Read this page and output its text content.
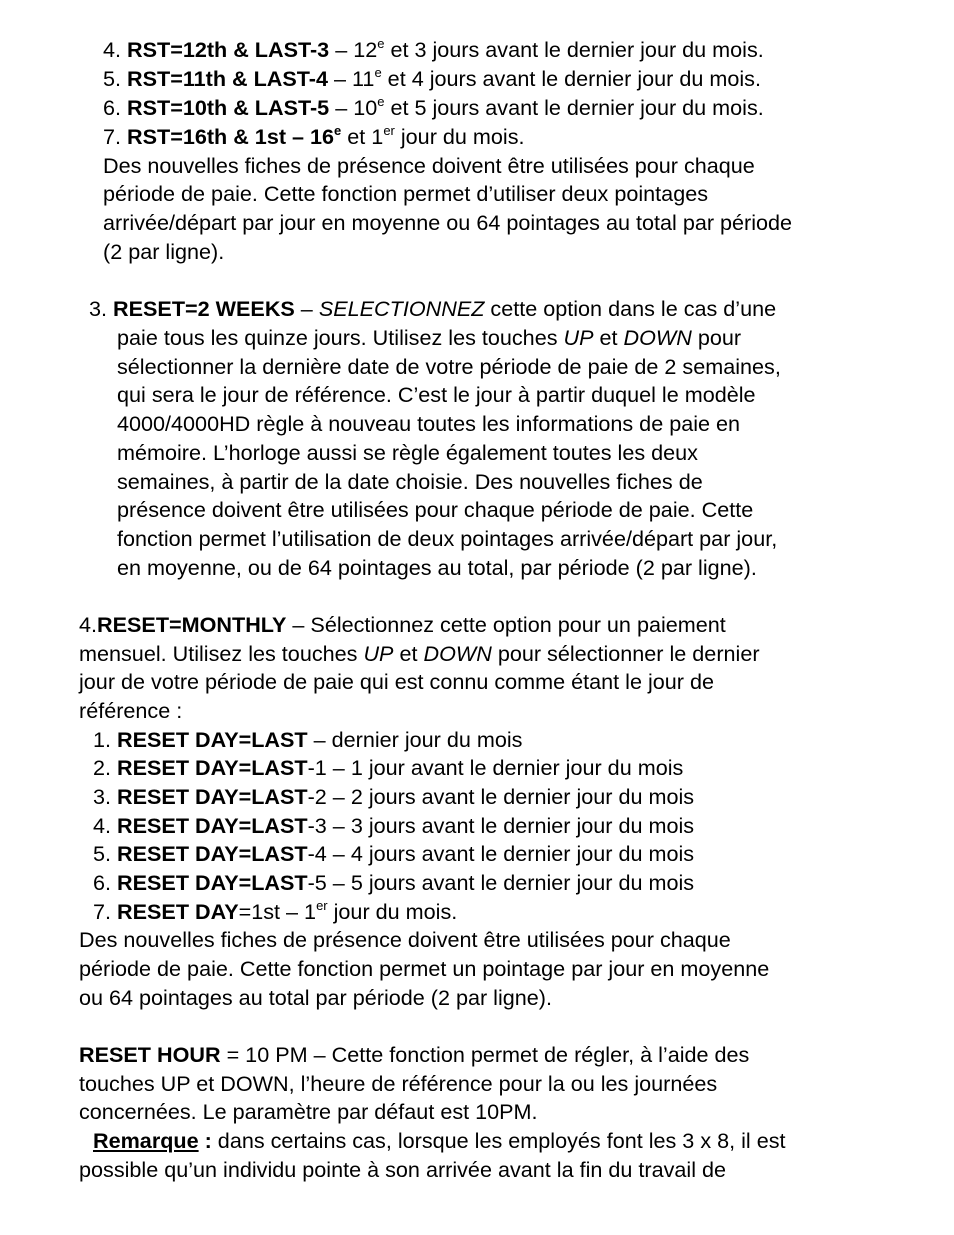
4. RST=12th & LAST-3 – 12e et 3 jours avant le dernier jour du mois.
5. RST=11th & LAST-4 – 11e et 4 jours avant le dernier jour du mois.
6. RST=10th & LAST-5 – 10e et 5 jours avant le dernier jour du mois.
7. RST=16th & 1st – 16e et 1er jour du mois.
Des nouvelles fiches de présence doivent être utilisées pour chaque
période de paie. Cette fonction permet d’utiliser deux pointages
arrivée/départ par jour en moyenne ou 64 pointages au total par période
(2 par ligne).
3. RESET=2 WEEKS – SELECTIONNEZ cette option dans le cas d’une
paie tous les quinze jours. Utilisez les touches UP et DOWN pour
sélectionner la dernière date de votre période de paie de 2 semaines,
qui sera le jour de référence. C’est le jour à partir duquel le modèle
4000/4000HD règle à nouveau toutes les informations de paie en
mémoire. L’horloge aussi se règle également toutes les deux
semaines, à partir de la date choisie. Des nouvelles fiches de
présence doivent être utilisées pour chaque période de paie. Cette
fonction permet l’utilisation de deux pointages arrivée/départ par jour,
en moyenne, ou de 64 pointages au total, par période (2 par ligne).
4.RESET=MONTHLY – Sélectionnez cette option pour un paiement
mensuel. Utilisez les touches UP et DOWN pour sélectionner le dernier
jour de votre période de paie qui est connu comme étant le jour de
référence :
1. RESET DAY=LAST – dernier jour du mois
2. RESET DAY=LAST-1 – 1 jour avant le dernier jour du mois
3. RESET DAY=LAST-2 – 2 jours avant le dernier jour du mois
4. RESET DAY=LAST-3 – 3 jours avant le dernier jour du mois
5. RESET DAY=LAST-4 – 4 jours avant le dernier jour du mois
6. RESET DAY=LAST-5 – 5 jours avant le dernier jour du mois
7. RESET DAY=1st – 1er jour du mois.
Des nouvelles fiches de présence doivent être utilisées pour chaque
période de paie. Cette fonction permet un pointage par jour en moyenne
ou 64 pointages au total par période (2 par ligne).
RESET HOUR = 10 PM – Cette fonction permet de régler, à l’aide des
touches UP et DOWN, l’heure de référence pour la ou les journées
concernées. Le paramètre par défaut est 10PM.
Remarque : dans certains cas, lorsque les employés font les 3 x 8, il est
possible qu’un individu pointe à son arrivée avant la fin du travail de
